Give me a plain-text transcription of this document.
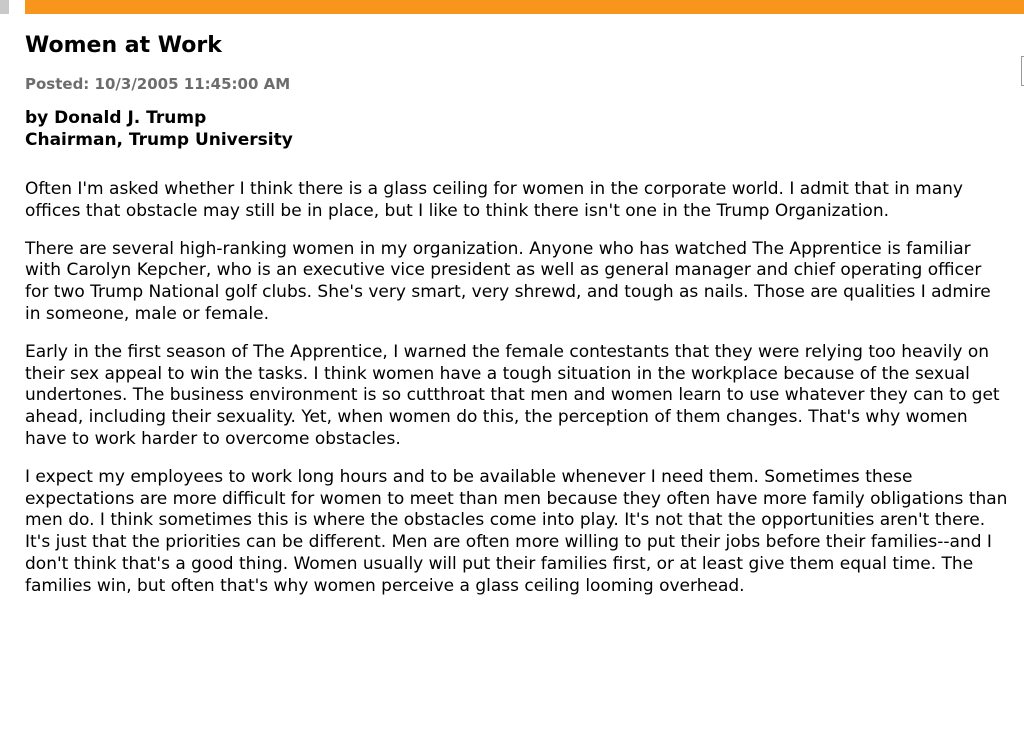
Women at Work
Posted: 10/3/2005 11:45:00 AM
by Donald J. Trump
Chairman, Trump University

Often I'm asked whether I think there is a glass ceiling for women in the corporate world. I admit that in many offices that obstacle may still be in place, but I like to think there isn't one in the Trump Organization.

There are several high-ranking women in my organization. Anyone who has watched The Apprentice is familiar with Carolyn Kepcher, who is an executive vice president as well as general manager and chief operating officer for two Trump National golf clubs. She's very smart, very shrewd, and tough as nails. Those are qualities I admire in someone, male or female.

Early in the first season of The Apprentice, I warned the female contestants that they were relying too heavily on their sex appeal to win the tasks. I think women have a tough situation in the workplace because of the sexual undertones. The business environment is so cutthroat that men and women learn to use whatever they can to get ahead, including their sexuality. Yet, when women do this, the perception of them changes. That's why women have to work harder to overcome obstacles.

I expect my employees to work long hours and to be available whenever I need them. Sometimes these expectations are more difficult for women to meet than men because they often have more family obligations than men do. I think sometimes this is where the obstacles come into play. It's not that the opportunities aren't there. It's just that the priorities can be different. Men are often more willing to put their jobs before their families--and I don't think that's a good thing. Women usually will put their families first, or at least give them equal time. The families win, but often that's why women perceive a glass ceiling looming overhead.
